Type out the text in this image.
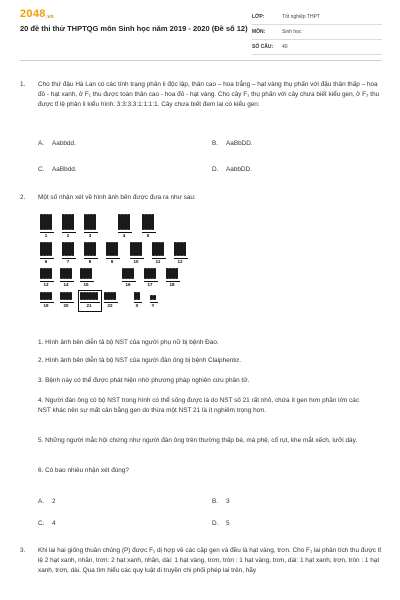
2048.vn
20 đề thi thử THPTQG môn Sinh học năm 2019 - 2020 (Đề số 12)
LỚP:	Tốt nghiệp THPT
MÔN:	Sinh học
SỐ CÂU:	40
1. Cho thứ đậu Hà Lan có các tính trạng phân li độc lập, thân cao – hoa trắng – hạt vàng thụ phấn với đậu thân thấp – hoa đỏ - hạt xanh, ở F₁ thu được toàn thân cao - hoa đỏ - hạt vàng. Cho cây F₁ thụ phấn với cây chưa biết kiểu gen, ở F₂ thu được tỉ lệ phân li kiểu hình: 3:3:3:3:1:1:1:1. Cây chưa biết đem lai có kiểu gen:
A. Aabbdd.	B. AaBbDD.
C. AaBbdd.	D. AabbDD.
2. Một số nhận xét về hình ảnh bên được đưa ra như sau:
1	2	3	4	5
6	7	8	9	10	11	12
13	14	15	16	17	18
19	20	21	22	X	Y
1. Hình ảnh bên diễn tả bộ NST của người phụ nữ bị bệnh Đao.
2. Hình ảnh bên diễn tả bộ NST của người đàn ông bị bệnh Claiphentơ.
3. Bệnh này có thể được phát hiện nhờ phương pháp nghiên cứu phân tử.
4. Người đàn ông có bộ NST trong hình có thể sống được là do NST số 21 rất nhỏ, chứa ít gen hơn phần lớn các NST khác nên sự mất cân bằng gen do thừa một NST 21 là ít nghiêm trọng hơn.
5. Những người mắc hội chứng như người đàn ông trên thường thấp bé, má phệ, cổ rụt, khe mắt xếch, lưỡi dày.
6. Có bao nhiêu nhận xét đúng?
A. 2	B. 3
C. 4	D. 5
3. Khi lai hai giống thuần chủng (P) được F₁ dị hợp về các cặp gen và đều là hạt vàng, trơn. Cho F₁ lai phân tích thu được tỉ lệ 2 hạt xanh, nhăn, trơn: 2 hạt xanh, nhăn, dài: 1 hạt vàng, trơn, tròn : 1 hạt vàng, trơn, dài: 1 hạt xanh, trơn, tròn : 1 hạt xanh, trơn, dài. Qua tìm hiểu các quy luật di truyền chi phối phép lai trên, hãy
